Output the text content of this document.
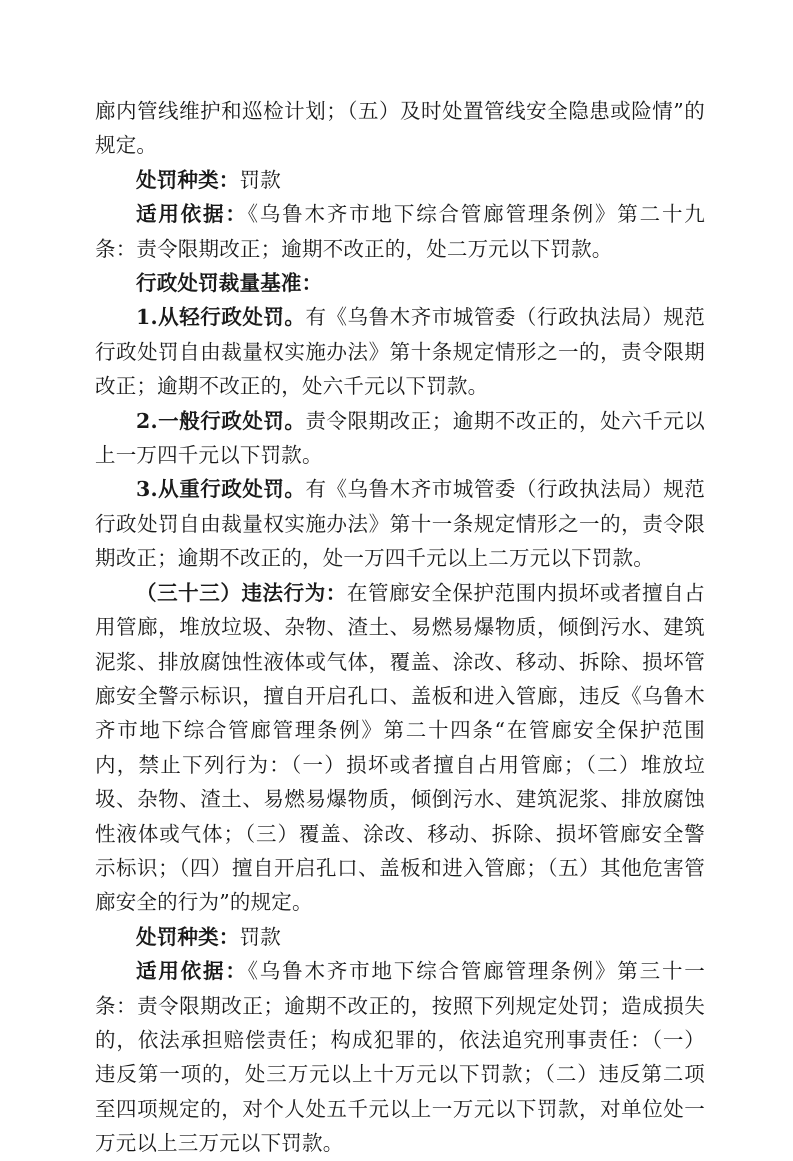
廊内管线维护和巡检计划；（五）及时处置管线安全隐患或险情”的规定。

处罚种类：罚款

适用依据：《乌鲁木齐市地下综合管廊管理条例》第二十九条：责令限期改正；逾期不改正的，处二万元以下罚款。

行政处罚裁量基准：

1.从轻行政处罚。有《乌鲁木齐市城管委（行政执法局）规范行政处罚自由裁量权实施办法》第十条规定情形之一的，责令限期改正；逾期不改正的，处六千元以下罚款。

2.一般行政处罚。责令限期改正；逾期不改正的，处六千元以上一万四千元以下罚款。

3.从重行政处罚。有《乌鲁木齐市城管委（行政执法局）规范行政处罚自由裁量权实施办法》第十一条规定情形之一的，责令限期改正；逾期不改正的，处一万四千元以上二万元以下罚款。

（三十三）违法行为：在管廊安全保护范围内损坏或者擅自占用管廊，堆放垃圾、杂物、渣土、易燃易爆物质，倾倒污水、建筑泥浆、排放腐蚀性液体或气体，覆盖、涂改、移动、拆除、损坏管廊安全警示标识，擅自开启孔口、盖板和进入管廊，违反《乌鲁木齐市地下综合管廊管理条例》第二十四条“在管廊安全保护范围内，禁止下列行为：（一）损坏或者擅自占用管廊；（二）堆放垃圾、杂物、渣土、易燃易爆物质，倾倒污水、建筑泥浆、排放腐蚀性液体或气体；（三）覆盖、涂改、移动、拆除、损坏管廊安全警示标识；（四）擅自开启孔口、盖板和进入管廊；（五）其他危害管廊安全的行为”的规定。

处罚种类：罚款

适用依据：《乌鲁木齐市地下综合管廊管理条例》第三十一条：责令限期改正；逾期不改正的，按照下列规定处罚；造成损失的，依法承担赔偿责任；构成犯罪的，依法追究刑事责任：（一）违反第一项的，处三万元以上十万元以下罚款；（二）违反第二项至四项规定的，对个人处五千元以上一万元以下罚款，对单位处一万元以上三万元以下罚款。
